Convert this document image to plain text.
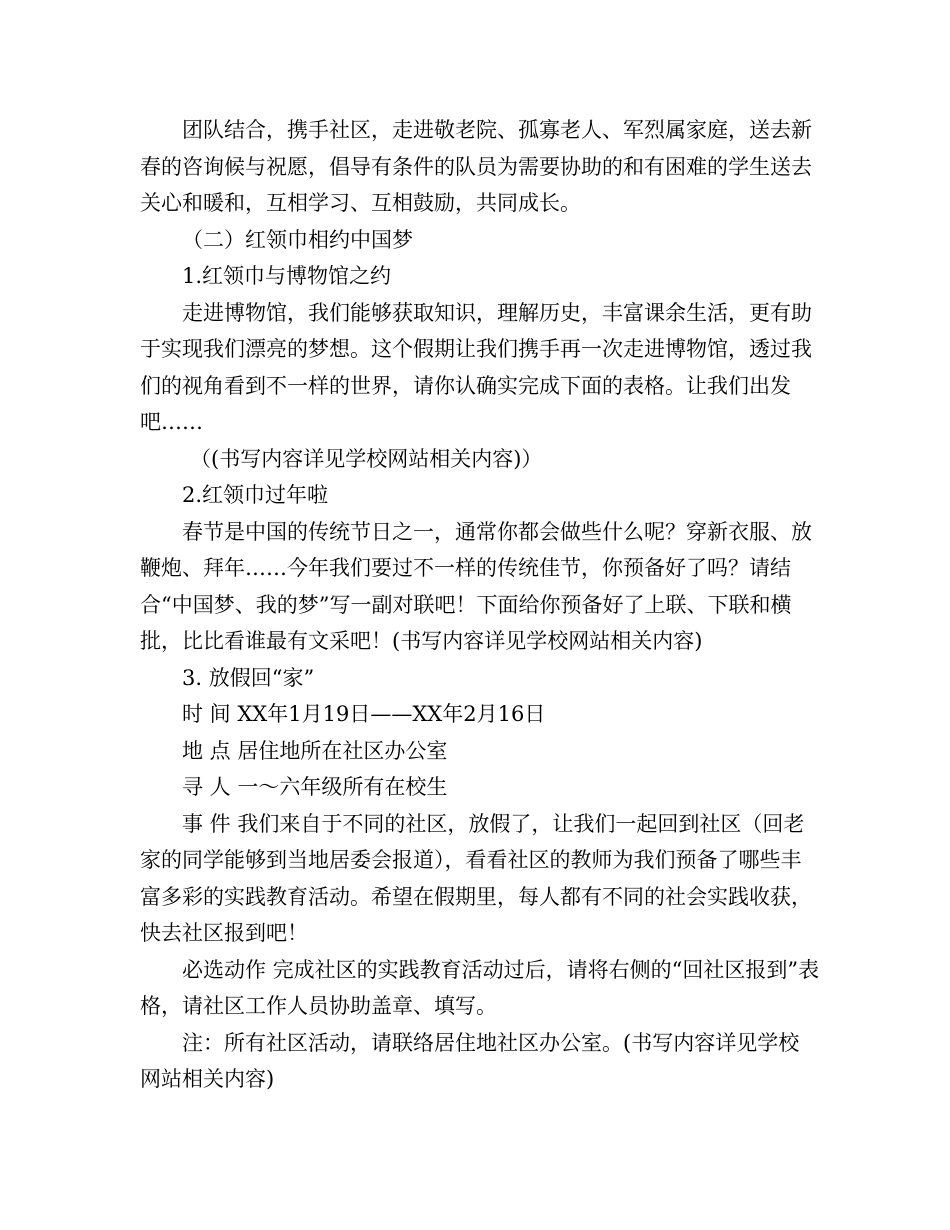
团队结合，携手社区，走进敬老院、孤寡老人、军烈属家庭，送去新春的咨询候与祝愿，倡导有条件的队员为需要协助的和有困难的学生送去关心和暖和，互相学习、互相鼓励，共同成长。

（二）红领巾相约中国梦

1.红领巾与博物馆之约

走进博物馆，我们能够获取知识，理解历史，丰富课余生活，更有助于实现我们漂亮的梦想。这个假期让我们携手再一次走进博物馆，透过我们的视角看到不一样的世界，请你认确实完成下面的表格。让我们出发吧……

（(书写内容详见学校网站相关内容)）

2.红领巾过年啦

春节是中国的传统节日之一，通常你都会做些什么呢？穿新衣服、放鞭炮、拜年……今年我们要过不一样的传统佳节，你预备好了吗？请结合“中国梦、我的梦”写一副对联吧！下面给你预备好了上联、下联和横批，比比看谁最有文采吧！(书写内容详见学校网站相关内容)

3. 放假回“家”

时 间 XX年1月19日——XX年2月16日

地 点 居住地所在社区办公室

寻 人 一～六年级所有在校生

事 件 我们来自于不同的社区，放假了，让我们一起回到社区（回老家的同学能够到当地居委会报道），看看社区的教师为我们预备了哪些丰富多彩的实践教育活动。希望在假期里，每人都有不同的社会实践收获，快去社区报到吧！

必选动作 完成社区的实践教育活动过后，请将右侧的“回社区报到”表格，请社区工作人员协助盖章、填写。

注：所有社区活动，请联络居住地社区办公室。(书写内容详见学校网站相关内容)
